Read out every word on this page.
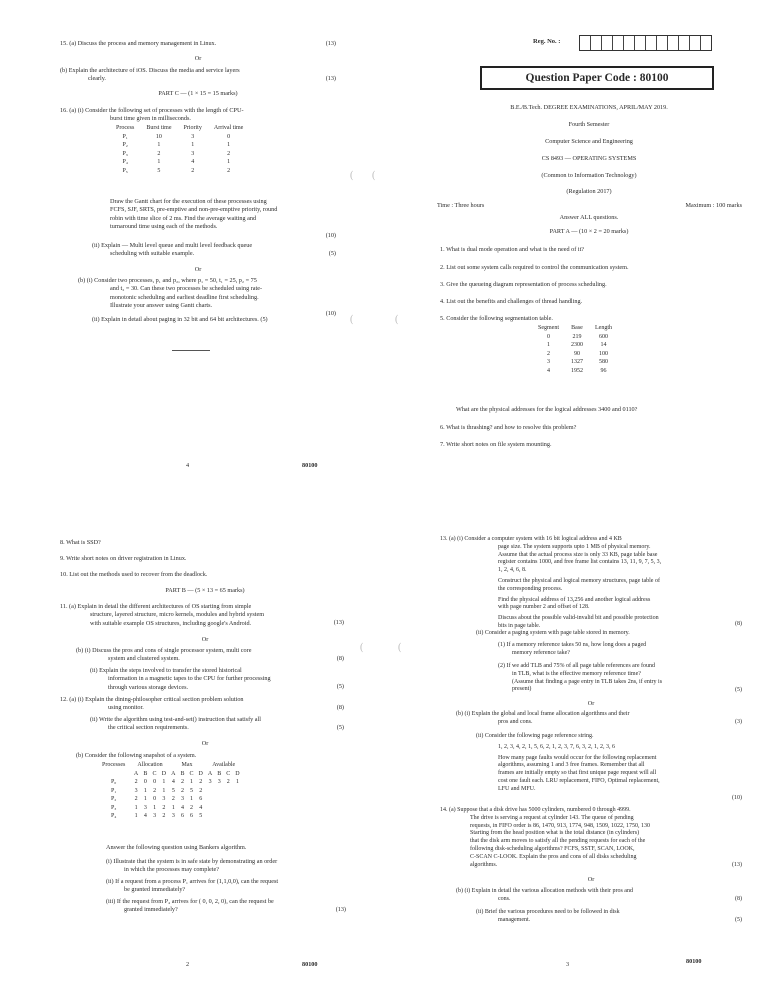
15. (a) Discuss the process and memory management in Linux.	(13)
Or
(b) Explain the architecture of iOS. Discuss the media and service layers
clearly.	(13)
PART C — (1 × 15 = 15 marks)
16. (a) (i) Consider the following set of processes with the length of CPU-
burst time given in milliseconds.
Process	Burst time	Priority	Arrival time
P₁	10	3	0
P₂	1	1	1
P₃	2	3	2
P₄	1	4	1
P₅	5	2	2
Draw the Gantt chart for the execution of these processes using
FCFS, SJF, SRTS, pre-emptive and non-pre-emptive priority, round
robin with time slice of 2 ms. Find the average waiting and
turnaround time using each of the methods.
(10)
(ii) Explain — Multi level queue and multi level feedback queue
scheduling with suitable example.	(5)
Or
(b) (i) Consider two processes, p₁ and p₂, where p₁ = 50, t₁ = 25, p₂ = 75
and t₂ = 30. Can these two processes be scheduled using rate-
monotonic scheduling and earliest deadline first scheduling.
Illustrate your answer using Gantt charts.
(10)
(ii) Explain in detail about paging in 32 bit and 64 bit architectures. (5)
4	80100
( (
(	(
(	(
Reg. No. :
Question Paper Code : 80100
B.E./B.Tech. DEGREE EXAMINATIONS, APRIL/MAY 2019.
Fourth Semester
Computer Science and Engineering
CS 8493 — OPERATING SYSTEMS
(Common to Information Technology)
(Regulation 2017)
Time : Three hours	Maximum : 100 marks
Answer ALL questions.
PART A — (10 × 2 = 20 marks)
1. What is dual mode operation and what is the need of it?
2. List out some system calls required to control the communication system.
3. Give the queueing diagram representation of process scheduling.
4. List out the benefits and challenges of thread handling.
5. Consider the following segmentation table.
Segment	Base	Length
0	219	600
1	2300	14
2	90	100
3	1327	580
4	1952	96
What are the physical addresses for the logical addresses 3400 and 0110?
6. What is thrashing? and how to resolve this problem?
7. Write short notes on file system mounting.
8. What is SSD?
9. Write short notes on driver registration in Linux.
10. List out the methods used to recover from the deadlock.
PART B — (5 × 13 = 65 marks)
11. (a) Explain in detail the different architectures of OS starting from simple
structure, layered structure, micro kernels, modules and hybrid system
with suitable example OS structures, including google's Android.	(13)
Or
(b) (i) Discuss the pros and cons of single processor system, multi core
system and clustered system.	(8)
(ii) Explain the steps involved to transfer the stored historical
information in a magnetic tapes to the CPU for further processing
through various storage devices.	(5)
12. (a) (i) Explain the dining-philosopher critical section problem solution
using monitor.	(8)
(ii) Write the algorithm using test-and-set() instruction that satisfy all
the critical section requirements.	(5)
Or
(b) Consider the following snapshot of a system.
Processes	Allocation				Max				Available			
	A	B	C	D	A	B	C	D	A	B	C	D
P₀	2	0	0	1	4	2	1	2	3	3	2	1
P₁	3	1	2	1	5	2	5	2				
P₂	2	1	0	3	2	3	1	6				
P₃	1	3	1	2	1	4	2	4				
P₄	1	4	3	2	3	6	6	5				
Answer the following question using Bankers algorithm.
(i) Illustrate that the system is in safe state by demonstrating an order
in which the processes may complete?
(ii) If a request from a process P₁ arrives for (1,1,0,0), can the request
be granted immediately?
(iii) If the request from P₄ arrives for ( 0, 0, 2, 0), can the request be
granted immediately?	(13)
2	80100
13. (a) (i) Consider a computer system with 16 bit logical address and 4 KB
page size. The system supports upto 1 MB of physical memory.
Assume that the actual process size is only 33 KB, page table base
register contains 1000, and free frame list contains 13, 11, 9, 7, 5, 3,
1, 2, 4, 6, 8.
Construct the physical and logical memory structures, page table of
the corresponding process.
Find the physical address of 13,256 and another logical address
with page number 2 and offset of 128.
Discuss about the possible valid-invalid bit and possible protection
bits in page table.	(8)
(ii) Consider a paging system with page table stored in memory.
(1) If a memory reference takes 50 ns, how long does a paged
memory reference take?
(2) If we add TLB and 75% of all page table references are found
in TLB, what is the effective memory reference time?
(Assume that finding a page entry in TLB takes 2ns, if entry is
present)	(5)
Or
(b) (i) Explain the global and local frame allocation algorithms and their
pros and cons.	(3)
(ii) Consider the following page reference string.
1, 2, 3, 4, 2, 1, 5, 6, 2, 1, 2, 3, 7, 6, 3, 2, 1, 2, 3, 6
How many page faults would occur for the following replacement
algorithms, assuming 1 and 3 free frames. Remember that all
frames are initially empty so that first unique page request will all
cost one fault each. LRU replacement, FIFO, Optimal replacement,
LFU and MFU.
(10)
14. (a) Suppose that a disk drive has 5000 cylinders, numbered 0 through 4999.
The drive is serving a request at cylinder 143. The queue of pending
requests, in FIFO order is 86, 1470, 913, 1774, 948, 1509, 1022, 1750, 130
Starting from the head position what is the total distance (in cylinders)
that the disk arm moves to satisfy all the pending requests for each of the
following disk-scheduling algorithms? FCFS, SSTF, SCAN, LOOK,
C-SCAN C-LOOK. Explain the pros and cons of all disks scheduling
algorithms.	(13)
Or
(b) (i) Explain in detail the various allocation methods with their pros and
cons.	(8)
(ii) Brief the various procedures need to be followed in disk
management.	(5)
3	80100
